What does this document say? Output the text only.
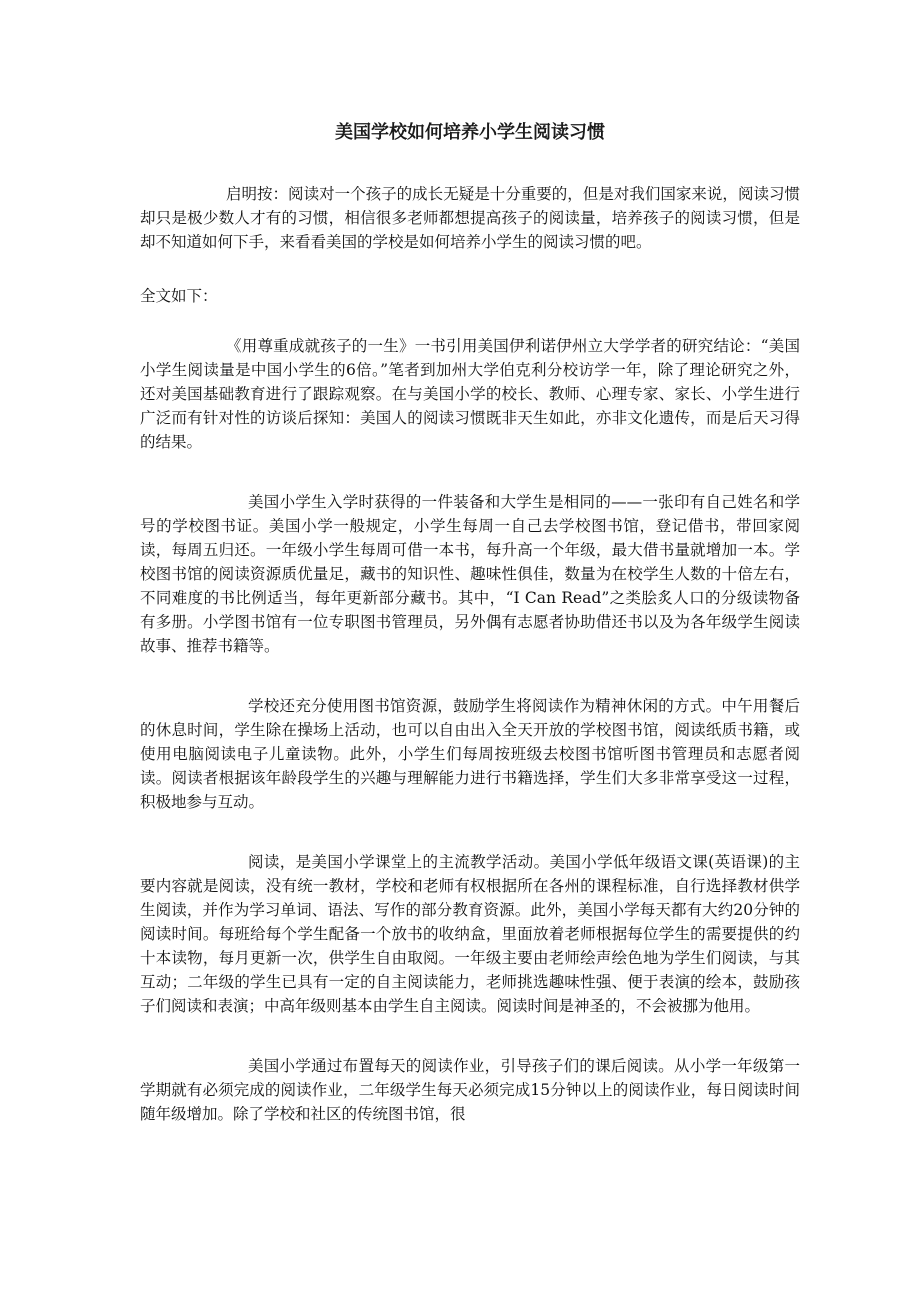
美国学校如何培养小学生阅读习惯

启明按：阅读对一个孩子的成长无疑是十分重要的，但是对我们国家来说，阅读习惯却只是极少数人才有的习惯，相信很多老师都想提高孩子的阅读量，培养孩子的阅读习惯，但是却不知道如何下手，来看看美国的学校是如何培养小学生的阅读习惯的吧。

全文如下：

《用尊重成就孩子的一生》一书引用美国伊利诺伊州立大学学者的研究结论：“美国小学生阅读量是中国小学生的6倍。”笔者到加州大学伯克利分校访学一年，除了理论研究之外，还对美国基础教育进行了跟踪观察。在与美国小学的校长、教师、心理专家、家长、小学生进行广泛而有针对性的访谈后探知：美国人的阅读习惯既非天生如此，亦非文化遗传，而是后天习得的结果。

美国小学生入学时获得的一件装备和大学生是相同的——一张印有自己姓名和学号的学校图书证。美国小学一般规定，小学生每周一自己去学校图书馆，登记借书，带回家阅读，每周五归还。一年级小学生每周可借一本书，每升高一个年级，最大借书量就增加一本。学校图书馆的阅读资源质优量足，藏书的知识性、趣味性俱佳，数量为在校学生人数的十倍左右，不同难度的书比例适当，每年更新部分藏书。其中，“I Can Read”之类脍炙人口的分级读物备有多册。小学图书馆有一位专职图书管理员，另外偶有志愿者协助借还书以及为各年级学生阅读故事、推荐书籍等。

学校还充分使用图书馆资源，鼓励学生将阅读作为精神休闲的方式。中午用餐后的休息时间，学生除在操场上活动，也可以自由出入全天开放的学校图书馆，阅读纸质书籍，或使用电脑阅读电子儿童读物。此外，小学生们每周按班级去校图书馆听图书管理员和志愿者阅读。阅读者根据该年龄段学生的兴趣与理解能力进行书籍选择，学生们大多非常享受这一过程，积极地参与互动。

阅读，是美国小学课堂上的主流教学活动。美国小学低年级语文课(英语课)的主要内容就是阅读，没有统一教材，学校和老师有权根据所在各州的课程标准，自行选择教材供学生阅读，并作为学习单词、语法、写作的部分教育资源。此外，美国小学每天都有大约20分钟的阅读时间。每班给每个学生配备一个放书的收纳盒，里面放着老师根据每位学生的需要提供的约十本读物，每月更新一次，供学生自由取阅。一年级主要由老师绘声绘色地为学生们阅读，与其互动；二年级的学生已具有一定的自主阅读能力，老师挑选趣味性强、便于表演的绘本，鼓励孩子们阅读和表演；中高年级则基本由学生自主阅读。阅读时间是神圣的，不会被挪为他用。

美国小学通过布置每天的阅读作业，引导孩子们的课后阅读。从小学一年级第一学期就有必须完成的阅读作业，二年级学生每天必须完成15分钟以上的阅读作业，每日阅读时间随年级增加。除了学校和社区的传统图书馆，很
